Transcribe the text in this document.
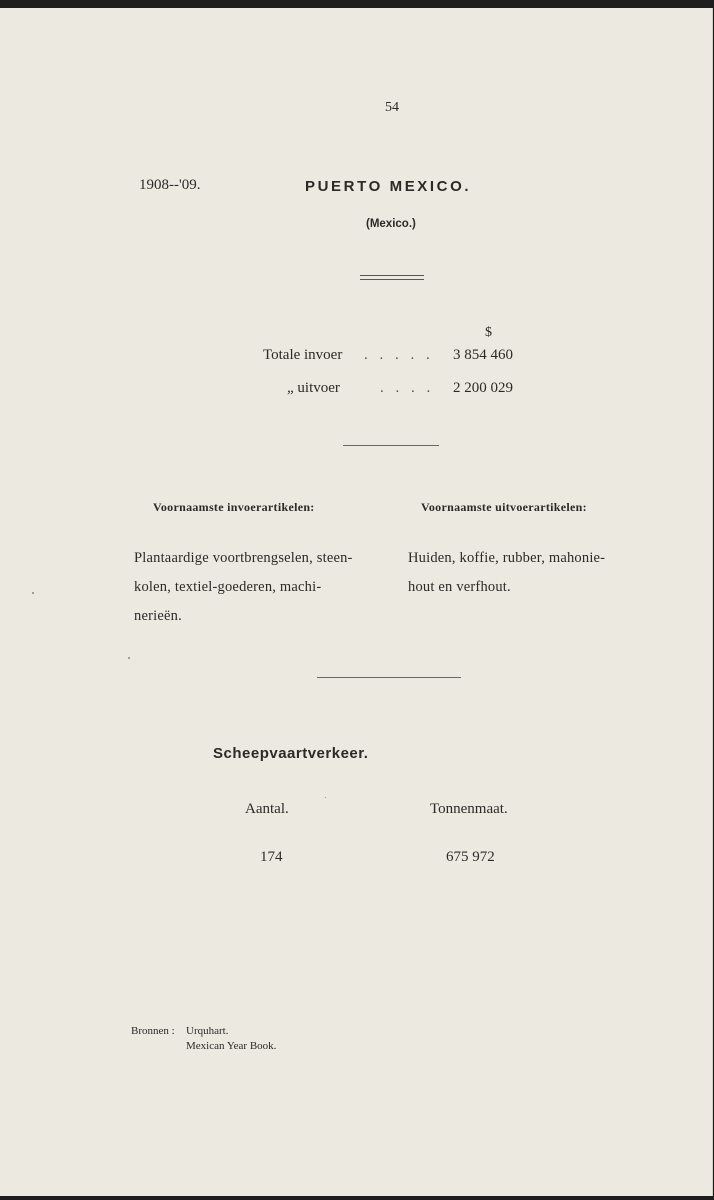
54
1908--'09.	PUERTO MEXICO.
(Mexico.)
$
Totale invoer . . . . . 3 854 460
„ uitvoer	. . . . 2 200 029
Voornaamste invoerartikelen:	Voornaamste uitvoerartikelen:
Plantaardige voortbrengselen, steen-
kolen, textiel-goederen, machi-
nerieën.
Huiden, koffie, rubber, mahonie-
hout en verfhout.
Scheepvaartverkeer.
Aantal.	Tonnenmaat.
174	675 972
Bronnen : Urquhart.
Mexican Year Book.
